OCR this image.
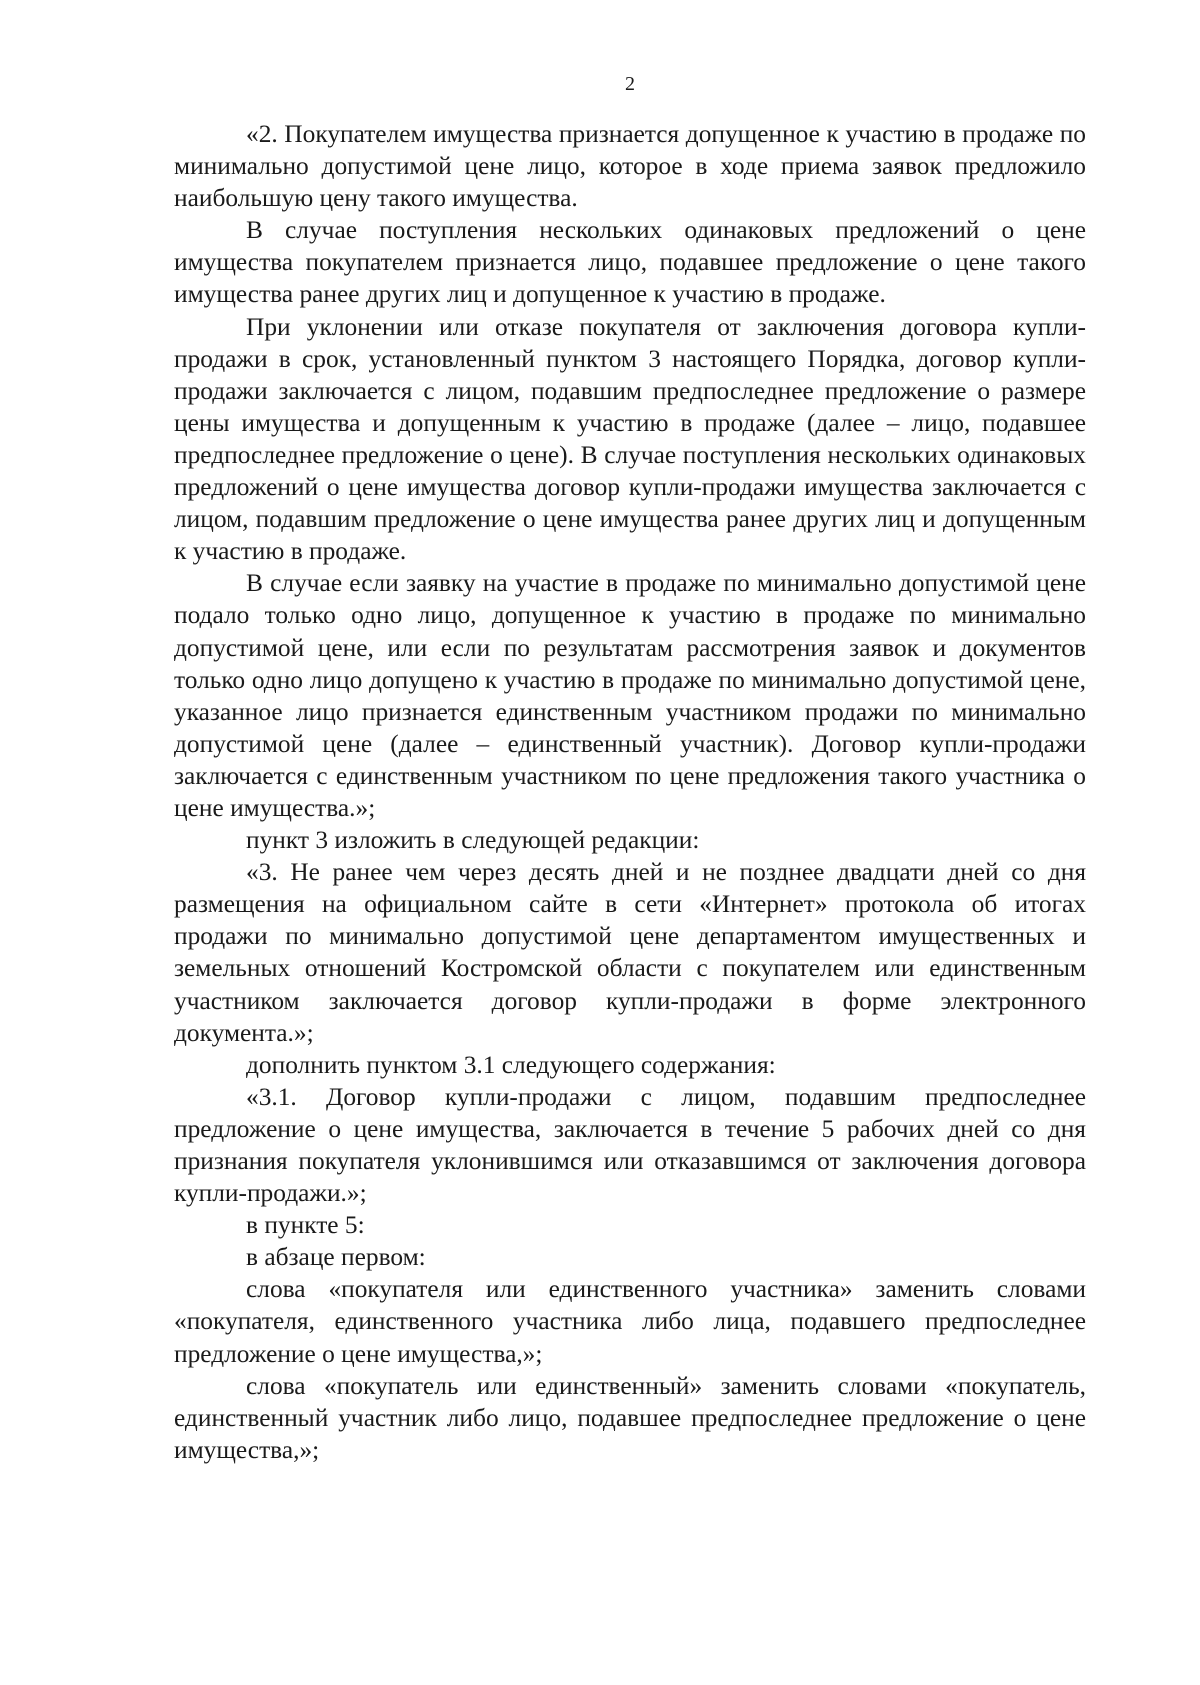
2

«2. Покупателем имущества признается допущенное к участию в продаже по минимально допустимой цене лицо, которое в ходе приема заявок предложило наибольшую цену такого имущества.

В случае поступления нескольких одинаковых предложений о цене имущества покупателем признается лицо, подавшее предложение о цене такого имущества ранее других лиц и допущенное к участию в продаже.

При уклонении или отказе покупателя от заключения договора купли-продажи в срок, установленный пунктом 3 настоящего Порядка, договор купли-продажи заключается с лицом, подавшим предпоследнее предложение о размере цены имущества и допущенным к участию в продаже (далее – лицо, подавшее предпоследнее предложение о цене). В случае поступления нескольких одинаковых предложений о цене имущества договор купли-продажи имущества заключается с лицом, подавшим предложение о цене имущества ранее других лиц и допущенным к участию в продаже.

В случае если заявку на участие в продаже по минимально допустимой цене подало только одно лицо, допущенное к участию в продаже по минимально допустимой цене, или если по результатам рассмотрения заявок и документов только одно лицо допущено к участию в продаже по минимально допустимой цене, указанное лицо признается единственным участником продажи по минимально допустимой цене (далее – единственный участник). Договор купли-продажи заключается с единственным участником по цене предложения такого участника о цене имущества.»;

пункт 3 изложить в следующей редакции:

«3. Не ранее чем через десять дней и не позднее двадцати дней со дня размещения на официальном сайте в сети «Интернет» протокола об итогах продажи по минимально допустимой цене департаментом имущественных и земельных отношений Костромской области с покупателем или единственным участником заключается договор купли-продажи в форме электронного документа.»;

дополнить пунктом 3.1 следующего содержания:

«3.1. Договор купли-продажи с лицом, подавшим предпоследнее предложение о цене имущества, заключается в течение 5 рабочих дней со дня признания покупателя уклонившимся или отказавшимся от заключения договора купли-продажи.»;

в пункте 5:

в абзаце первом:

слова «покупателя или единственного участника» заменить словами «покупателя, единственного участника либо лица, подавшего предпоследнее предложение о цене имущества,»;

слова «покупатель или единственный» заменить словами «покупатель, единственный участник либо лицо, подавшее предпоследнее предложение о цене имущества,»;
